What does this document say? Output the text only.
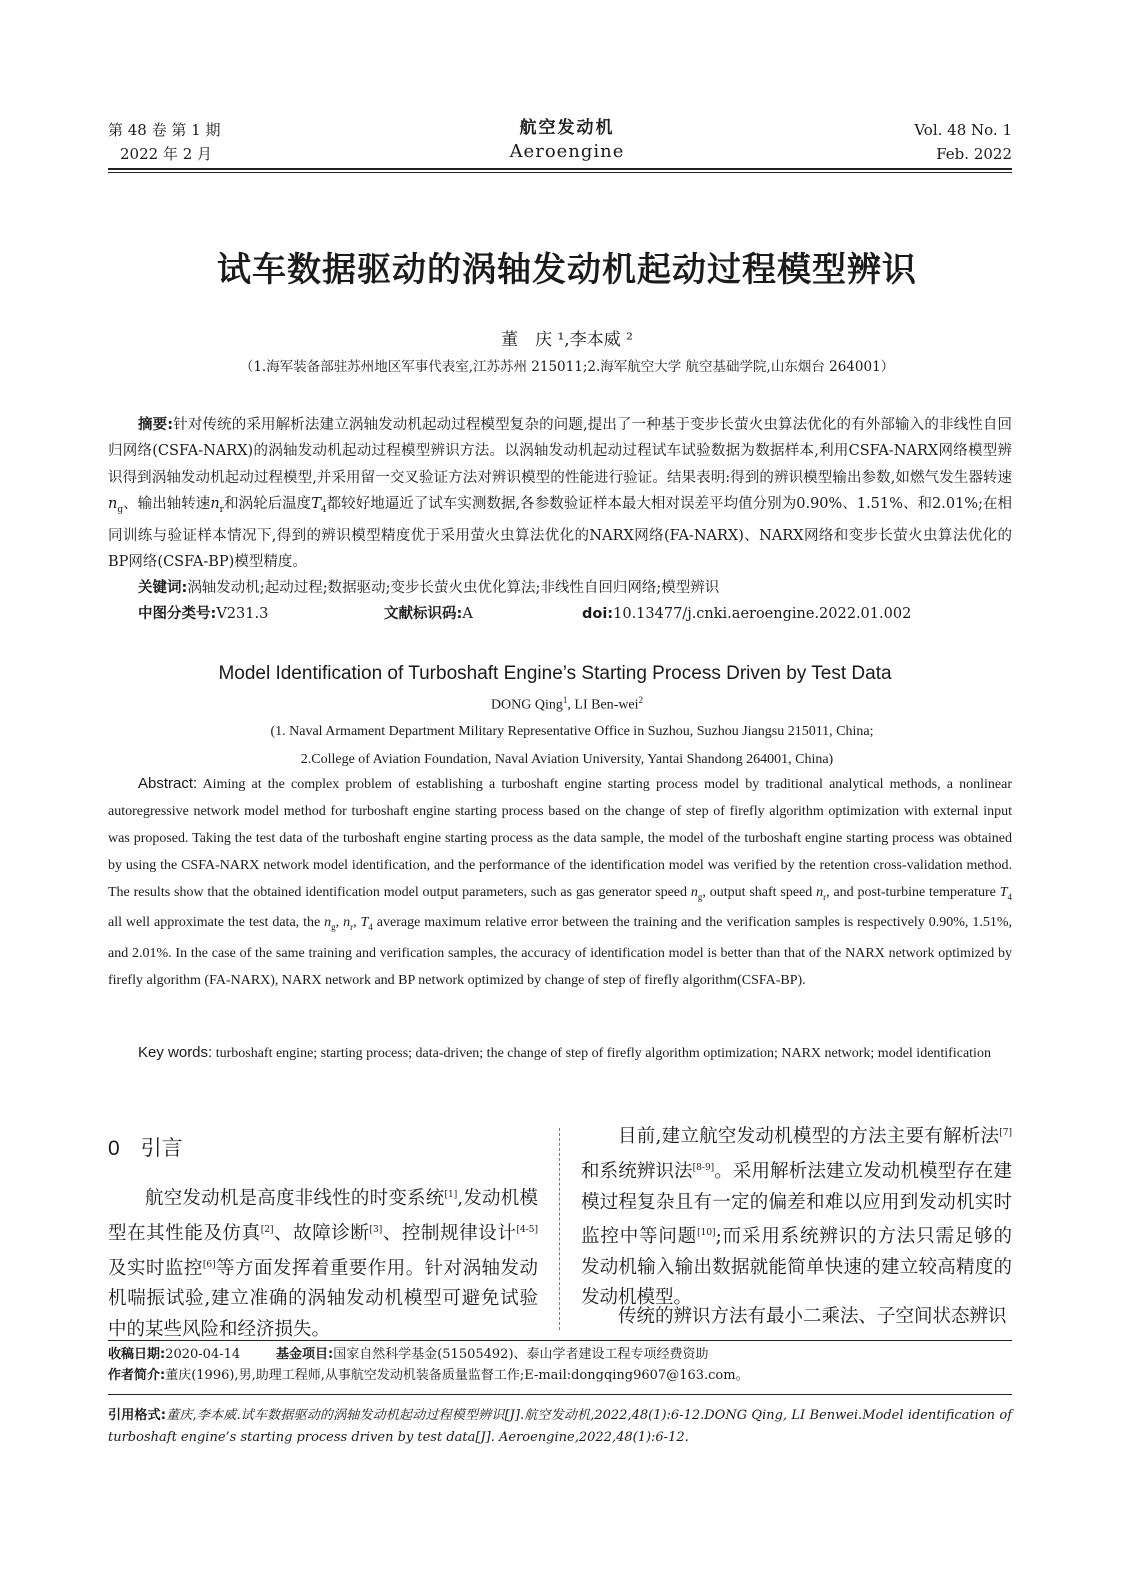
第 48 卷 第 1 期
2022 年 2 月
航空发动机
Aeroengine
Vol. 48 No. 1
Feb. 2022
试车数据驱动的涡轴发动机起动过程模型辨识
董　庆 ¹,李本威 ²
（1.海军装备部驻苏州地区军事代表室,江苏苏州 215011;2.海军航空大学 航空基础学院,山东烟台 264001）
摘要:针对传统的采用解析法建立涡轴发动机起动过程模型复杂的问题,提出了一种基于变步长萤火虫算法优化的有外部输入的非线性自回归网络(CSFA-NARX)的涡轴发动机起动过程模型辨识方法。以涡轴发动机起动过程试车试验数据为数据样本,利用CSFA-NARX网络模型辨识得到涡轴发动机起动过程模型,并采用留一交叉验证方法对辨识模型的性能进行验证。结果表明:得到的辨识模型输出参数,如燃气发生器转速$n_g$、输出轴转速$n_r$和涡轮后温度$T_4$都较好地逼近了试车实测数据,各参数验证样本最大相对误差平均值分别为0.90%、1.51%、和2.01%;在相同训练与验证样本情况下,得到的辨识模型精度优于采用萤火虫算法优化的NARX网络(FA-NARX)、NARX网络和变步长萤火虫算法优化的BP网络(CSFA-BP)模型精度。
关键词:涡轴发动机;起动过程;数据驱动;变步长萤火虫优化算法;非线性自回归网络;模型辨识
中图分类号:V231.3	文献标识码:A	doi:10.13477/j.cnki.aeroengine.2022.01.002
Model Identification of Turboshaft Engine’s Starting Process Driven by Test Data
DONG Qing$^1$, LI Ben-wei$^2$
(1. Naval Armament Department Military Representative Office in Suzhou, Suzhou Jiangsu 215011, China;
2.College of Aviation Foundation, Naval Aviation University, Yantai Shandong 264001, China)
Abstract: Aiming at the complex problem of establishing a turboshaft engine starting process model by traditional analytical methods, a nonlinear autoregressive network model method for turboshaft engine starting process based on the change of step of firefly algorithm optimization with external input was proposed. Taking the test data of the turboshaft engine starting process as the data sample, the model of the turboshaft engine starting process was obtained by using the CSFA-NARX network model identification, and the performance of the identification model was verified by the retention cross-validation method. The results show that the obtained identification model output parameters, such as gas generator speed $n_g$, output shaft speed $n_r$, and post-turbine temperature $T_4$ all well approximate the test data, the $n_g$, $n_r$, $T_4$ average maximum relative error between the training and the verification samples is respectively 0.90%, 1.51%, and 2.01%. In the case of the same training and verification samples, the accuracy of identification model is better than that of the NARX network optimized by firefly algorithm (FA-NARX), NARX network and BP network optimized by change of step of firefly algorithm(CSFA-BP).
Key words: turboshaft engine; starting process; data-driven; the change of step of firefly algorithm optimization; NARX network; model identification
0　引言
航空发动机是高度非线性的时变系统[1],发动机模型在其性能及仿真[2]、故障诊断[3]、控制规律设计[4-5]及实时监控[6]等方面发挥着重要作用。针对涡轴发动机喘振试验,建立准确的涡轴发动机模型可避免试验中的某些风险和经济损失。
目前,建立航空发动机模型的方法主要有解析法[7]和系统辨识法[8-9]。采用解析法建立发动机模型存在建模过程复杂且有一定的偏差和难以应用到发动机实时监控中等问题[10];而采用系统辨识的方法只需足够的发动机输入输出数据就能简单快速的建立较高精度的发动机模型。
传统的辨识方法有最小二乘法、子空间状态辨识
收稿日期:2020-04-14	基金项目:国家自然科学基金(51505492)、泰山学者建设工程专项经费资助
作者简介:董庆(1996),男,助理工程师,从事航空发动机装备质量监督工作;E-mail:dongqing9607@163.com。
引用格式:董庆,李本威.试车数据驱动的涡轴发动机起动过程模型辨识[J].航空发动机,2022,48(1):6-12.DONG Qing, LI Benwei.Model identification of turboshaft engine’s starting process driven by test data[J]. Aeroengine,2022,48(1):6-12.
